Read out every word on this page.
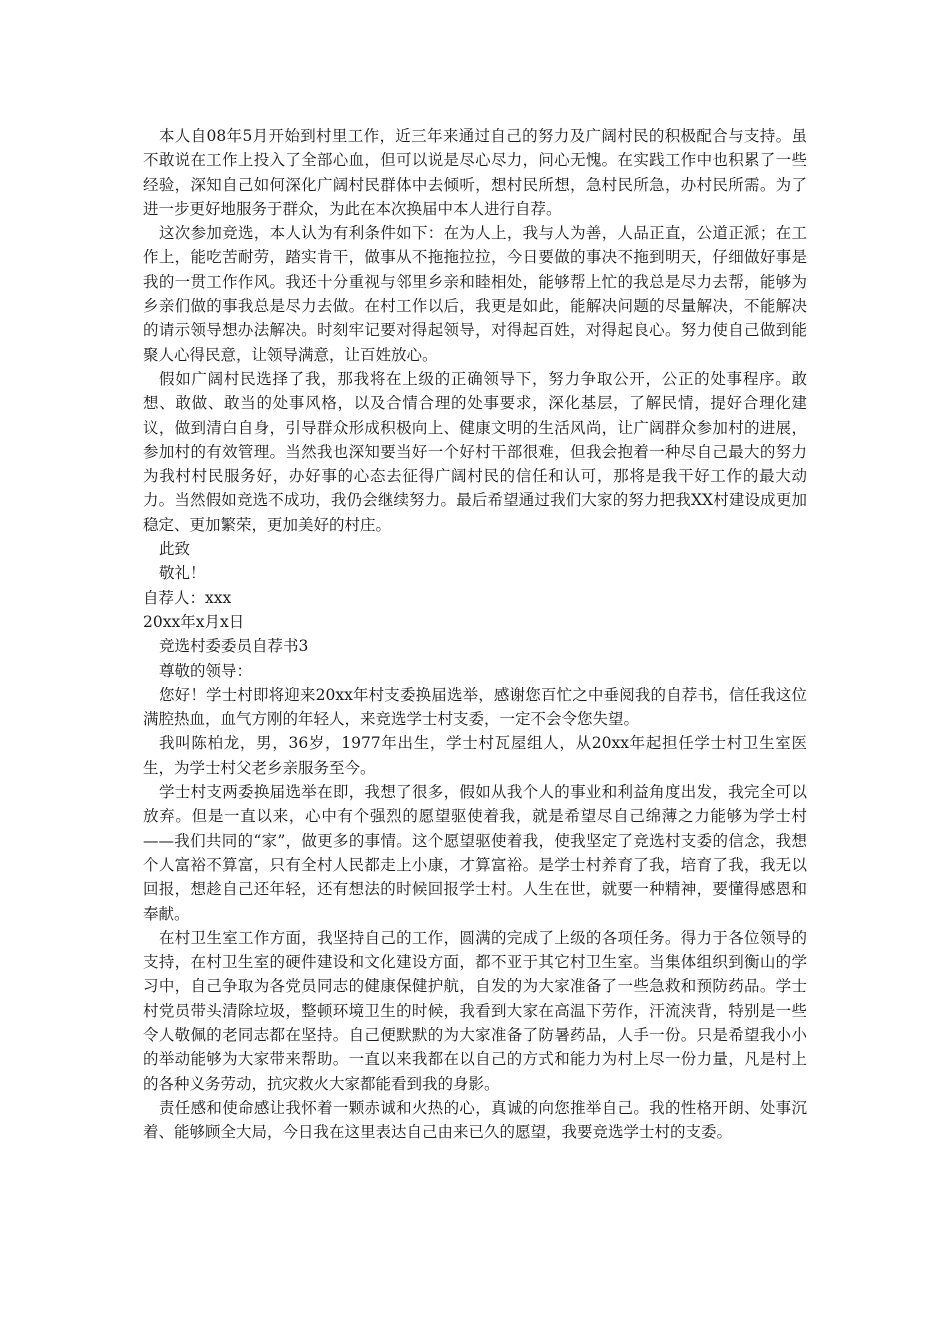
本人自08年5月开始到村里工作，近三年来通过自己的努力及广阔村民的积极配合与支持。虽不敢说在工作上投入了全部心血，但可以说是尽心尽力，问心无愧。在实践工作中也积累了一些经验，深知自己如何深化广阔村民群体中去倾听，想村民所想，急村民所急，办村民所需。为了进一步更好地服务于群众，为此在本次换届中本人进行自荐。

这次参加竞选，本人认为有利条件如下：在为人上，我与人为善，人品正直，公道正派；在工作上，能吃苦耐劳，踏实肯干，做事从不拖拖拉拉，今日要做的事决不拖到明天，仔细做好事是我的一贯工作作风。我还十分重视与邻里乡亲和睦相处，能够帮上忙的我总是尽力去帮，能够为乡亲们做的事我总是尽力去做。在村工作以后，我更是如此，能解决问题的尽量解决，不能解决的请示领导想办法解决。时刻牢记要对得起领导，对得起百姓，对得起良心。努力使自己做到能聚人心得民意，让领导满意，让百姓放心。

假如广阔村民选择了我，那我将在上级的正确领导下，努力争取公开，公正的处事程序。敢想、敢做、敢当的处事风格，以及合情合理的处事要求，深化基层，了解民情，提好合理化建议，做到清白自身，引导群众形成积极向上、健康文明的生活风尚，让广阔群众参加村的进展，参加村的有效管理。当然我也深知要当好一个好村干部很难，但我会抱着一种尽自己最大的努力为我村村民服务好，办好事的心态去征得广阔村民的信任和认可，那将是我干好工作的最大动力。当然假如竞选不成功，我仍会继续努力。最后希望通过我们大家的努力把我XX村建设成更加稳定、更加繁荣，更加美好的村庄。

此致

敬礼！

自荐人：xxx

20xx年x月x日

竞选村委委员自荐书3

尊敬的领导：

您好！学士村即将迎来20xx年村支委换届选举，感谢您百忙之中垂阅我的自荐书，信任我这位满腔热血，血气方刚的年轻人，来竞选学士村支委，一定不会令您失望。

我叫陈柏龙，男，36岁，1977年出生，学士村瓦屋组人，从20xx年起担任学士村卫生室医生，为学士村父老乡亲服务至今。

学士村支两委换届选举在即，我想了很多，假如从我个人的事业和利益角度出发，我完全可以放弃。但是一直以来，心中有个强烈的愿望驱使着我，就是希望尽自己绵薄之力能够为学士村——我们共同的“家”，做更多的事情。这个愿望驱使着我，使我坚定了竞选村支委的信念，我想个人富裕不算富，只有全村人民都走上小康，才算富裕。是学士村养育了我，培育了我，我无以回报，想趁自己还年轻，还有想法的时候回报学士村。人生在世，就要一种精神，要懂得感恩和奉献。

在村卫生室工作方面，我坚持自己的工作，圆满的完成了上级的各项任务。得力于各位领导的支持，在村卫生室的硬件建设和文化建设方面，都不亚于其它村卫生室。当集体组织到衡山的学习中，自己争取为各党员同志的健康保健护航，自发的为大家准备了一些急救和预防药品。学士村党员带头清除垃圾，整顿环境卫生的时候，我看到大家在高温下劳作，汗流浃背，特别是一些令人敬佩的老同志都在坚持。自己便默默的为大家准备了防暑药品，人手一份。只是希望我小小的举动能够为大家带来帮助。一直以来我都在以自己的方式和能力为村上尽一份力量，凡是村上的各种义务劳动，抗灾救火大家都能看到我的身影。

责任感和使命感让我怀着一颗赤诚和火热的心，真诚的向您推举自己。我的性格开朗、处事沉着、能够顾全大局，今日我在这里表达自己由来已久的愿望，我要竞选学士村的支委。
